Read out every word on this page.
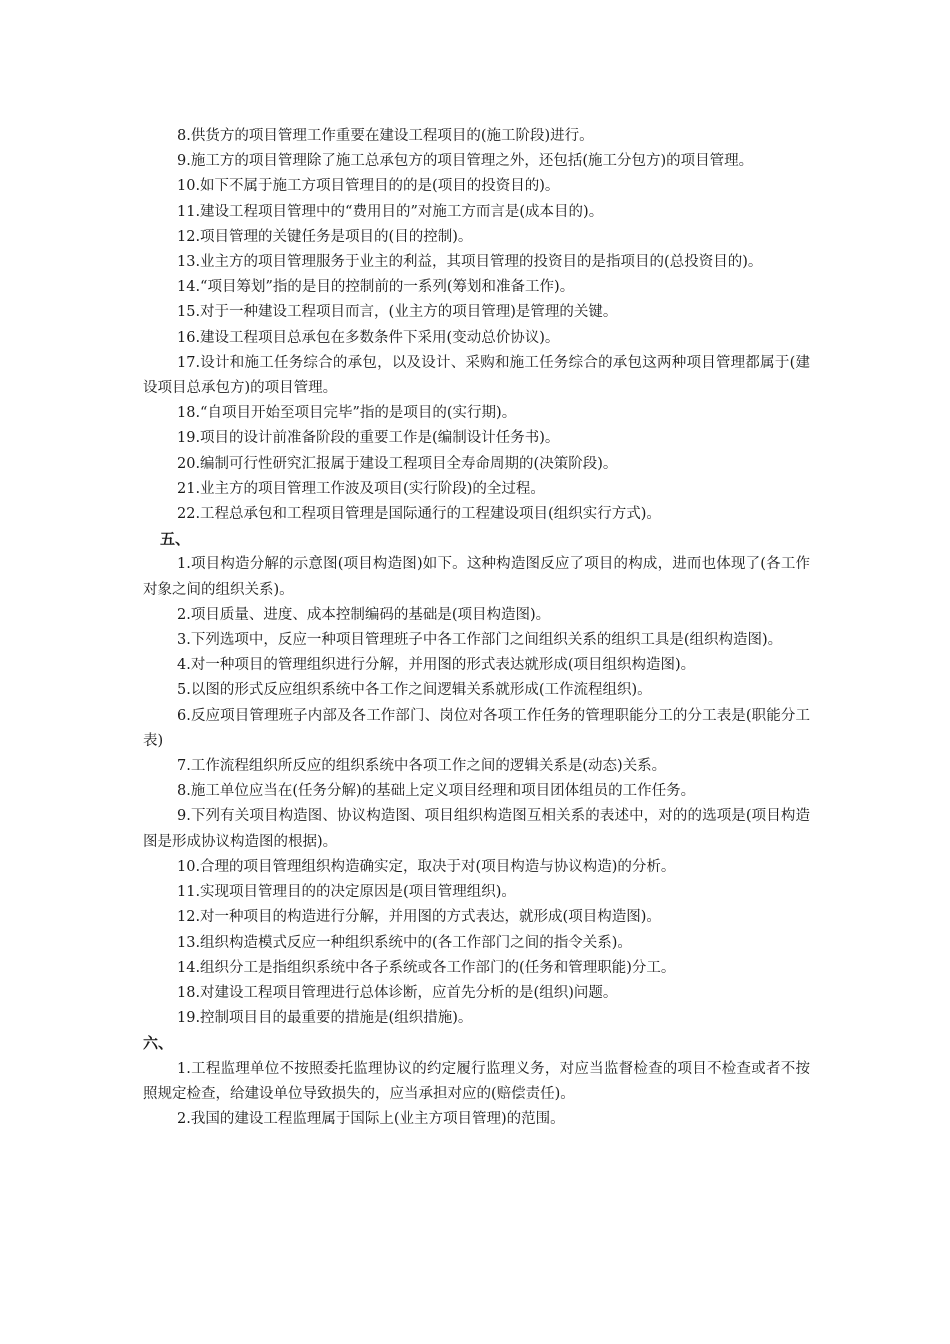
8.供货方的项目管理工作重要在建设工程项目的(施工阶段)进行。

9.施工方的项目管理除了施工总承包方的项目管理之外，还包括(施工分包方)的项目管理。

10.如下不属于施工方项目管理目的的是(项目的投资目的)。

11.建设工程项目管理中的“费用目的”对施工方而言是(成本目的)。

12.项目管理的关键任务是项目的(目的控制)。

13.业主方的项目管理服务于业主的利益，其项目管理的投资目的是指项目的(总投资目的)。

14.“项目筹划”指的是目的控制前的一系列(筹划和准备工作)。

15.对于一种建设工程项目而言，(业主方的项目管理)是管理的关键。

16.建设工程项目总承包在多数条件下采用(变动总价协议)。

17.设计和施工任务综合的承包，以及设计、采购和施工任务综合的承包这两种项目管理都属于(建设项目总承包方)的项目管理。

18.“自项目开始至项目完毕”指的是项目的(实行期)。

19.项目的设计前准备阶段的重要工作是(编制设计任务书)。

20.编制可行性研究汇报属于建设工程项目全寿命周期的(决策阶段)。

21.业主方的项目管理工作波及项目(实行阶段)的全过程。

22.工程总承包和工程项目管理是国际通行的工程建设项目(组织实行方式)。

五、

1.项目构造分解的示意图(项目构造图)如下。这种构造图反应了项目的构成，进而也体现了(各工作对象之间的组织关系)。

2.项目质量、进度、成本控制编码的基础是(项目构造图)。

3.下列选项中，反应一种项目管理班子中各工作部门之间组织关系的组织工具是(组织构造图)。

4.对一种项目的管理组织进行分解，并用图的形式表达就形成(项目组织构造图)。

5.以图的形式反应组织系统中各工作之间逻辑关系就形成(工作流程组织)。

6.反应项目管理班子内部及各工作部门、岗位对各项工作任务的管理职能分工的分工表是(职能分工表)

7.工作流程组织所反应的组织系统中各项工作之间的逻辑关系是(动态)关系。

8.施工单位应当在(任务分解)的基础上定义项目经理和项目团体组员的工作任务。

9.下列有关项目构造图、协议构造图、项目组织构造图互相关系的表述中，对的的选项是(项目构造图是形成协议构造图的根据)。

10.合理的项目管理组织构造确实定，取决于对(项目构造与协议构造)的分析。

11.实现项目管理目的的决定原因是(项目管理组织)。

12.对一种项目的构造进行分解，并用图的方式表达，就形成(项目构造图)。

13.组织构造模式反应一种组织系统中的(各工作部门之间的指令关系)。

14.组织分工是指组织系统中各子系统或各工作部门的(任务和管理职能)分工。

18.对建设工程项目管理进行总体诊断，应首先分析的是(组织)问题。

19.控制项目目的最重要的措施是(组织措施)。

六、

1.工程监理单位不按照委托监理协议的约定履行监理义务，对应当监督检查的项目不检查或者不按照规定检查，给建设单位导致损失的，应当承担对应的(赔偿责任)。

2.我国的建设工程监理属于国际上(业主方项目管理)的范围。
